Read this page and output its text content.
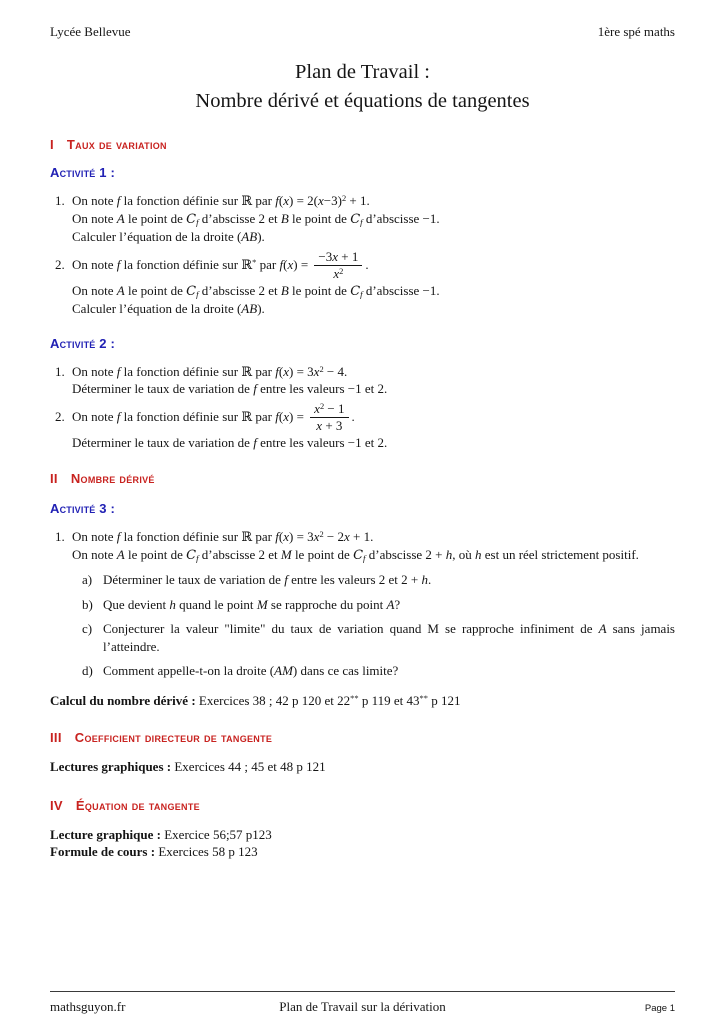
Lycée Bellevue	1ère spé maths
Plan de Travail :
Nombre dérivé et équations de tangentes
I Taux de variation
Activité 1 :
1. On note f la fonction définie sur ℝ par $f(x) = 2(x-3)^2 + 1$.
On note A le point de Cf d’abscisse 2 et B le point de Cf d’abscisse −1.
Calculer l’équation de la droite (AB).
2. On note f la fonction définie sur ℝ* par $f(x) = \frac{-3x + 1}{x^2}$ .
On note A le point de Cf d’abscisse 2 et B le point de Cf d’abscisse −1.
Calculer l’équation de la droite (AB).
Activité 2 :
1. On note f la fonction définie sur ℝ par $f(x) = 3x^2 - 4$.
Déterminer le taux de variation de f entre les valeurs −1 et 2.
2. On note f la fonction définie sur ℝ par $f(x) = \frac{x^2 - 1}{x + 3}$ .
Déterminer le taux de variation de f entre les valeurs −1 et 2.
II Nombre dérivé
Activité 3 :
1. On note f la fonction définie sur ℝ par $f(x) = 3x^2 - 2x + 1$.
On note A le point de Cf d’abscisse 2 et M le point de Cf d’abscisse 2 + h, où h est un réel strictement positif.
a) Déterminer le taux de variation de f entre les valeurs 2 et 2 + h.
b) Que devient h quand le point M se rapproche du point A?
c) Conjecturer la valeur "limite" du taux de variation quand M se rapproche infiniment de A sans jamais l’atteindre.
d) Comment appelle-t-on la droite (AM) dans ce cas limite?
Calcul du nombre dérivé : Exercices 38 ; 42 p 120 et 22** p 119 et 43** p 121
III Coefficient directeur de tangente
Lectures graphiques : Exercices 44 ; 45 et 48 p 121
IV Équation de tangente
Lecture graphique : Exercice 56;57 p123
Formule de cours : Exercices 58 p 123
mathsguyon.fr	Plan de Travail sur la dérivation	Page 1
